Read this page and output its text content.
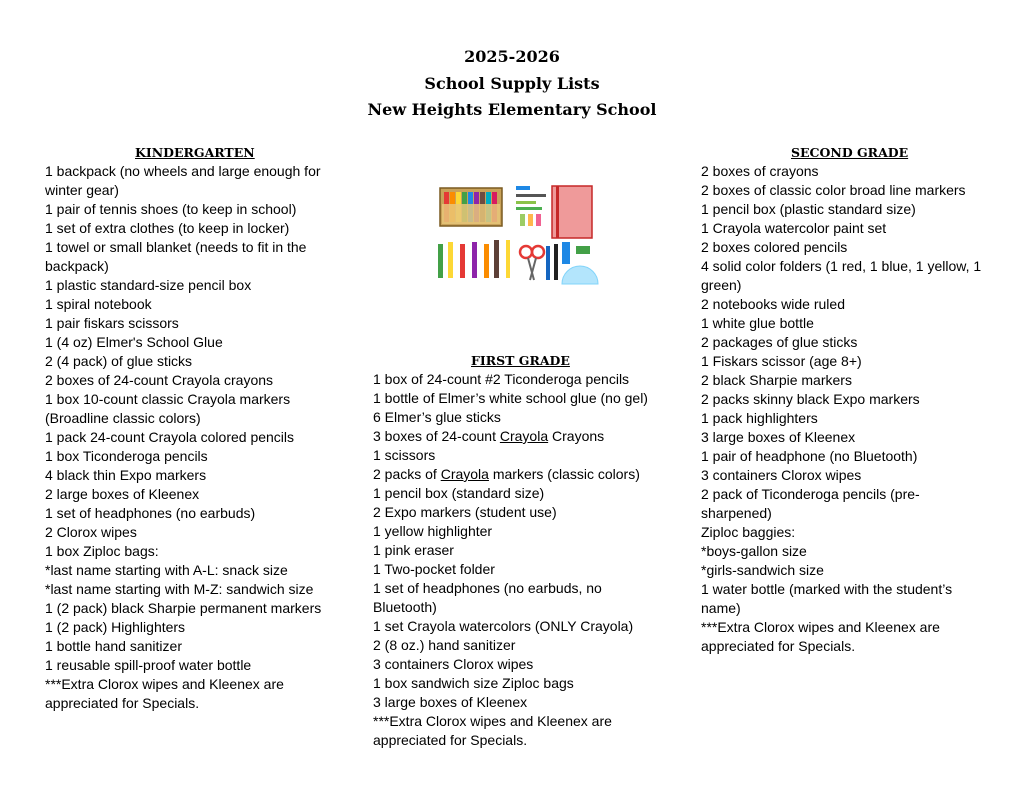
2025-2026
School Supply Lists
New Heights Elementary School
KINDERGARTEN
1 backpack (no wheels and large enough for winter gear)
1 pair of tennis shoes (to keep in school)
1 set of extra clothes (to keep in locker)
1 towel or small blanket (needs to fit in the backpack)
1 plastic standard-size pencil box
1 spiral notebook
1 pair fiskars scissors
1 (4 oz) Elmer's School Glue
2 (4 pack) of glue sticks
2 boxes of 24-count Crayola crayons
1 box 10-count classic Crayola markers (Broadline classic colors)
1 pack 24-count Crayola colored pencils
1 box Ticonderoga pencils
4 black thin Expo markers
2 large boxes of Kleenex
1 set of headphones (no earbuds)
2 Clorox wipes
1 box Ziploc bags:
*last name starting with A-L: snack size
*last name starting with M-Z: sandwich size
1 (2 pack) black Sharpie permanent markers
1 (2 pack) Highlighters
1 bottle hand sanitizer
1 reusable spill-proof water bottle
***Extra Clorox wipes and Kleenex are appreciated for Specials.
FIRST GRADE
1 box of 24-count #2 Ticonderoga pencils
1 bottle of Elmer’s white school glue (no gel)
6 Elmer’s glue sticks
3 boxes of 24-count Crayola Crayons
1 scissors
2 packs of Crayola markers (classic colors)
1 pencil box (standard size)
2 Expo markers (student use)
1 yellow highlighter
1 pink eraser
1 Two-pocket folder
1 set of headphones (no earbuds, no Bluetooth)
1 set Crayola watercolors (ONLY Crayola)
2 (8 oz.) hand sanitizer
3 containers Clorox wipes
1 box sandwich size Ziploc bags
3 large boxes of Kleenex
***Extra Clorox wipes and Kleenex are appreciated for Specials.
SECOND GRADE
2 boxes of crayons
2 boxes of classic color broad line markers
1 pencil box (plastic standard size)
1 Crayola watercolor paint set
2 boxes colored pencils
4 solid color folders (1 red, 1 blue, 1 yellow, 1 green)
2 notebooks wide ruled
1 white glue bottle
2 packages of glue sticks
1 Fiskars scissor (age 8+)
2 black Sharpie markers
2 packs skinny black Expo markers
1 pack highlighters
3 large boxes of Kleenex
1 pair of headphone (no Bluetooth)
3 containers Clorox wipes
2 pack of Ticonderoga pencils (pre-sharpened)
Ziploc baggies:
*boys-gallon size
*girls-sandwich size
1 water bottle (marked with the student’s name)
***Extra Clorox wipes and Kleenex are appreciated for Specials.
